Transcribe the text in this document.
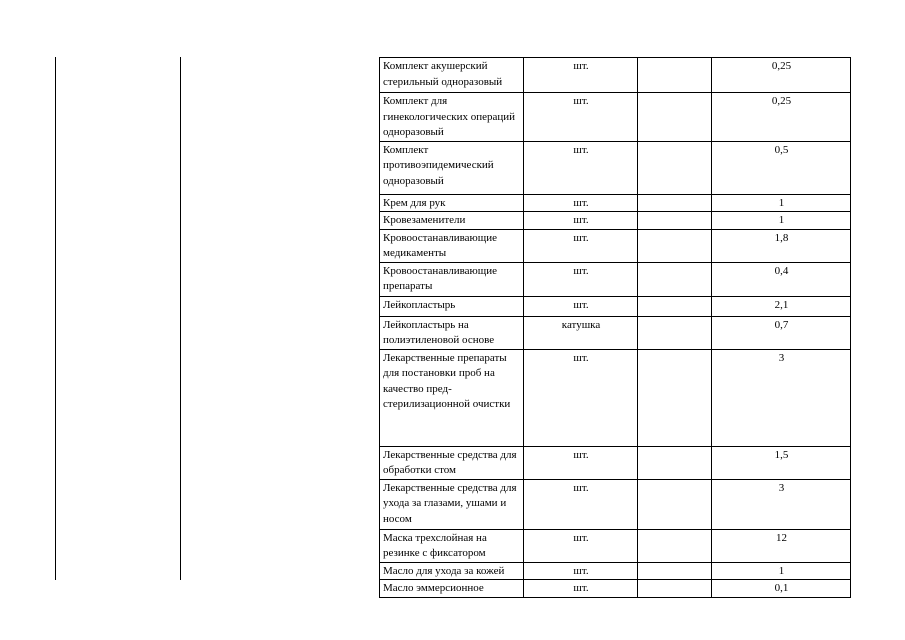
Комплект акушерский стерильный одноразовый	шт.		0,25
Комплект для гинекологических операций одноразовый	шт.		0,25
Комплект противоэпидемический одноразовый	шт.		0,5
Крем для рук	шт.		1
Кровезаменители	шт.		1
Кровоостанавливающие медикаменты	шт.		1,8
Кровоостанавливающие препараты	шт.		0,4
Лейкопластырь	шт.		2,1
Лейкопластырь на полиэтиленовой основе	катушка		0,7
Лекарственные препараты для постановки проб на качество пред-стерилизационной очистки	шт.		3
Лекарственные средства для обработки стом	шт.		1,5
Лекарственные средства для ухода за глазами, ушами и носом	шт.		3
Маска трехслойная на резинке с фиксатором	шт.		12
Масло для ухода за кожей	шт.		1
Масло эммерсионное	шт.		0,1
